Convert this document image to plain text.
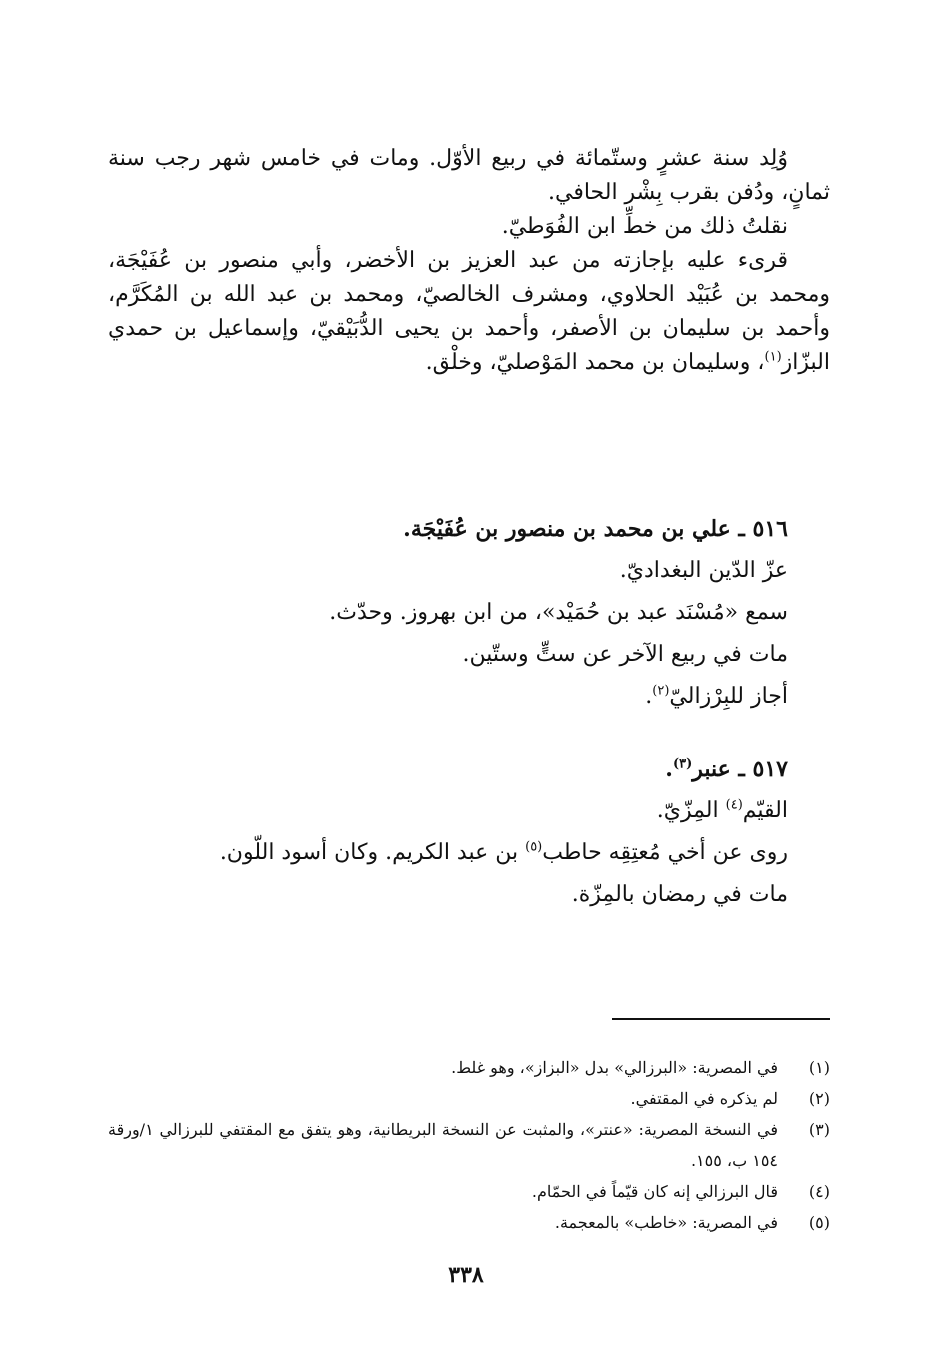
وُلِد سنة عشرٍ وستّمائة في ربيع الأوّل. ومات في خامس شهر رجب سنة ثمانٍ، ودُفن بقرب بِشْر الحافي.

نقلتُ ذلك من خطِّ ابن الفُوَطيّ.

قرىء عليه بإجازته من عبد العزيز بن الأخضر، وأبي منصور بن عُفَيْجَة، ومحمد بن عُبَيْد الحلاوي، ومشرف الخالصيّ، ومحمد بن عبد الله بن المُكَرَّم، وأحمد بن سليمان بن الأصفر، وأحمد بن يحيى الدُّبَيْقيّ، وإسماعيل بن حمدي البزّاز$^{(١)}$، وسليمان بن محمد المَوْصليّ، وخلْق.

٥١٦ ـ علي بن محمد بن منصور بن عُفَيْجَة.

عزّ الدّين البغداديّ.

سمع «مُسْنَد عبد بن حُمَيْد»، من ابن بهروز. وحدّث.

مات في ربيع الآخر عن ستٍّ وستّين.

أجاز للبِرْزاليّ$^{(٢)}$.

٥١٧ ـ عنبر$^{(٣)}$.

القيّم$^{(٤)}$ المِزّيّ.

روى عن أخي مُعتِقِه حاطب$^{(٥)}$ بن عبد الكريم. وكان أسود اللّون.

مات في رمضان بالمِزّة.

(١)
في المصرية: «البرزالي» بدل «البزاز»، وهو غلط.
(٢)
لم يذكره في المقتفي.
(٣)
في النسخة المصرية: «عنتر»، والمثبت عن النسخة البريطانية، وهو يتفق مع المقتفي للبرزالي ١/ورقة ١٥٤ ب، ١٥٥.
(٤)
قال البرزالي إنه كان قيّماً في الحمّام.
(٥)
في المصرية: «خاطب» بالمعجمة.
٣٣٨
